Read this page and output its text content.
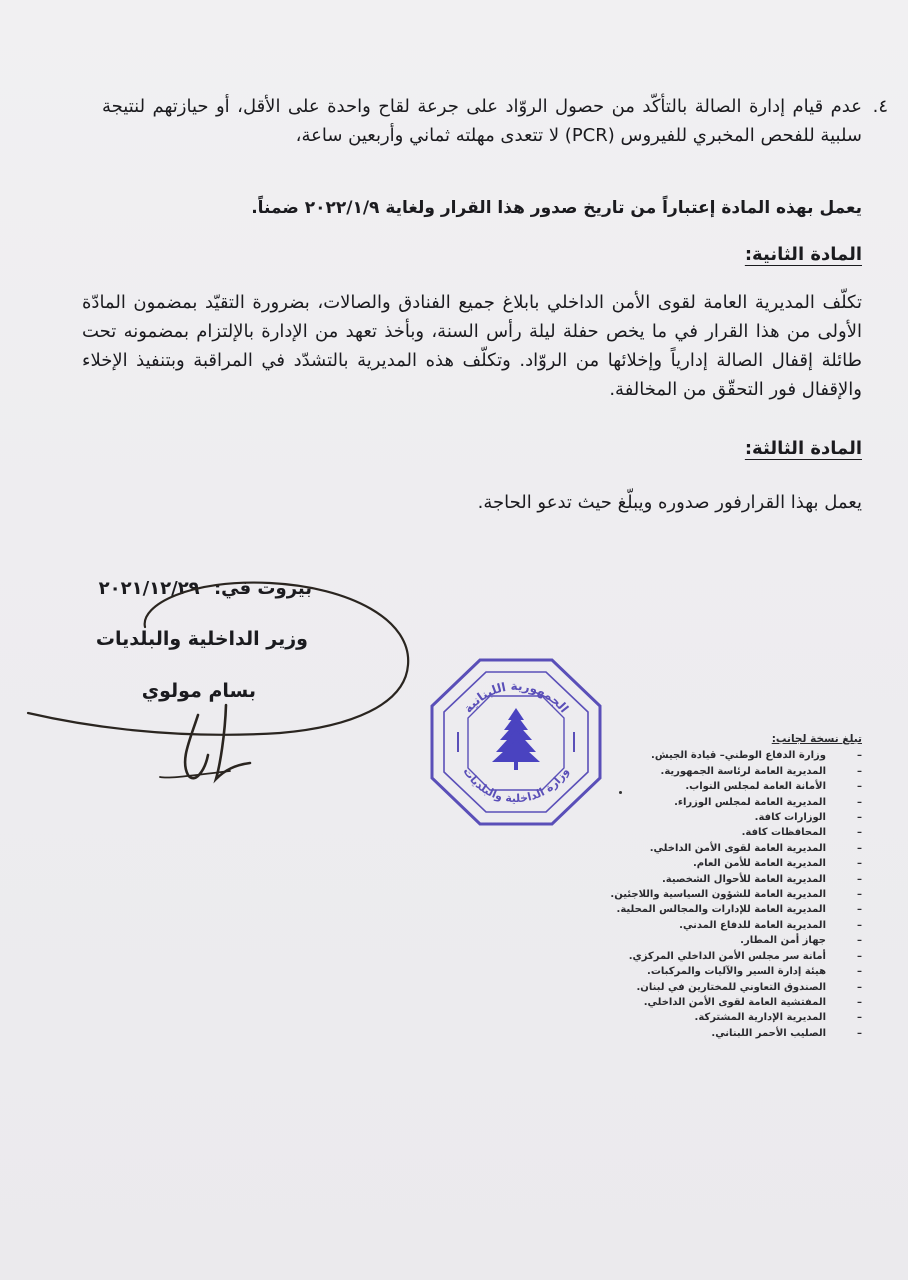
٤.
عدم قيام إدارة الصالة بالتأكّد من حصول الروّاد على جرعة لقاح واحدة على الأقل، أو حيازتهم لنتيجة سلبية للفحص المخبري للفيروس (PCR) لا تتعدى مهلته ثماني وأربعين ساعة،
يعمل بهذه المادة إعتباراً من تاريخ صدور هذا القرار ولغاية ٢٠٢٢/١/٩ ضمناً.
المادة الثانية:
تكلّف المديرية العامة لقوى الأمن الداخلي بابلاغ جميع الفنادق والصالات، بضرورة التقيّد بمضمون المادّة الأولى من هذا القرار في ما يخص حفلة ليلة رأس السنة، وبأخذ تعهد من الإدارة بالإلتزام بمضمونه تحت طائلة إقفال الصالة إدارياً وإخلائها من الروّاد. وتكلّف هذه المديرية بالتشدّد في المراقبة وبتنفيذ الإخلاء والإقفال فور التحقّق من المخالفة.
المادة الثالثة:
يعمل بهذا القرارفور صدوره ويبلّغ حيث تدعو الحاجة.
بيروت في: ٢٠٢١/١٢/٢٩
وزير الداخلية والبلديات
بسام مولوي
الجمهورية اللبنانية
وزارة الداخلية والبلديات
تبلغ نسخة لجانب:
– وزارة الدفاع الوطني– قيادة الجيش.
– المديرية العامة لرئاسة الجمهورية.
– الأمانة العامة لمجلس النواب.
– المديرية العامة لمجلس الوزراء.
– الوزارات كافة.
– المحافظات كافة.
– المديرية العامة لقوى الأمن الداخلي.
– المديرية العامة للأمن العام.
– المديرية العامة للأحوال الشخصية.
– المديرية العامة للشؤون السياسية واللاجئين.
– المديرية العامة للإدارات والمجالس المحلية.
– المديرية العامة للدفاع المدني.
– جهاز أمن المطار.
– أمانة سر مجلس الأمن الداخلي المركزي.
– هيئة إدارة السير والآليات والمركبات.
– الصندوق التعاوني للمختارين في لبنان.
– المفتشية العامة لقوى الأمن الداخلي.
– المديرية الإدارية المشتركة.
– الصليب الأحمر اللبناني.
